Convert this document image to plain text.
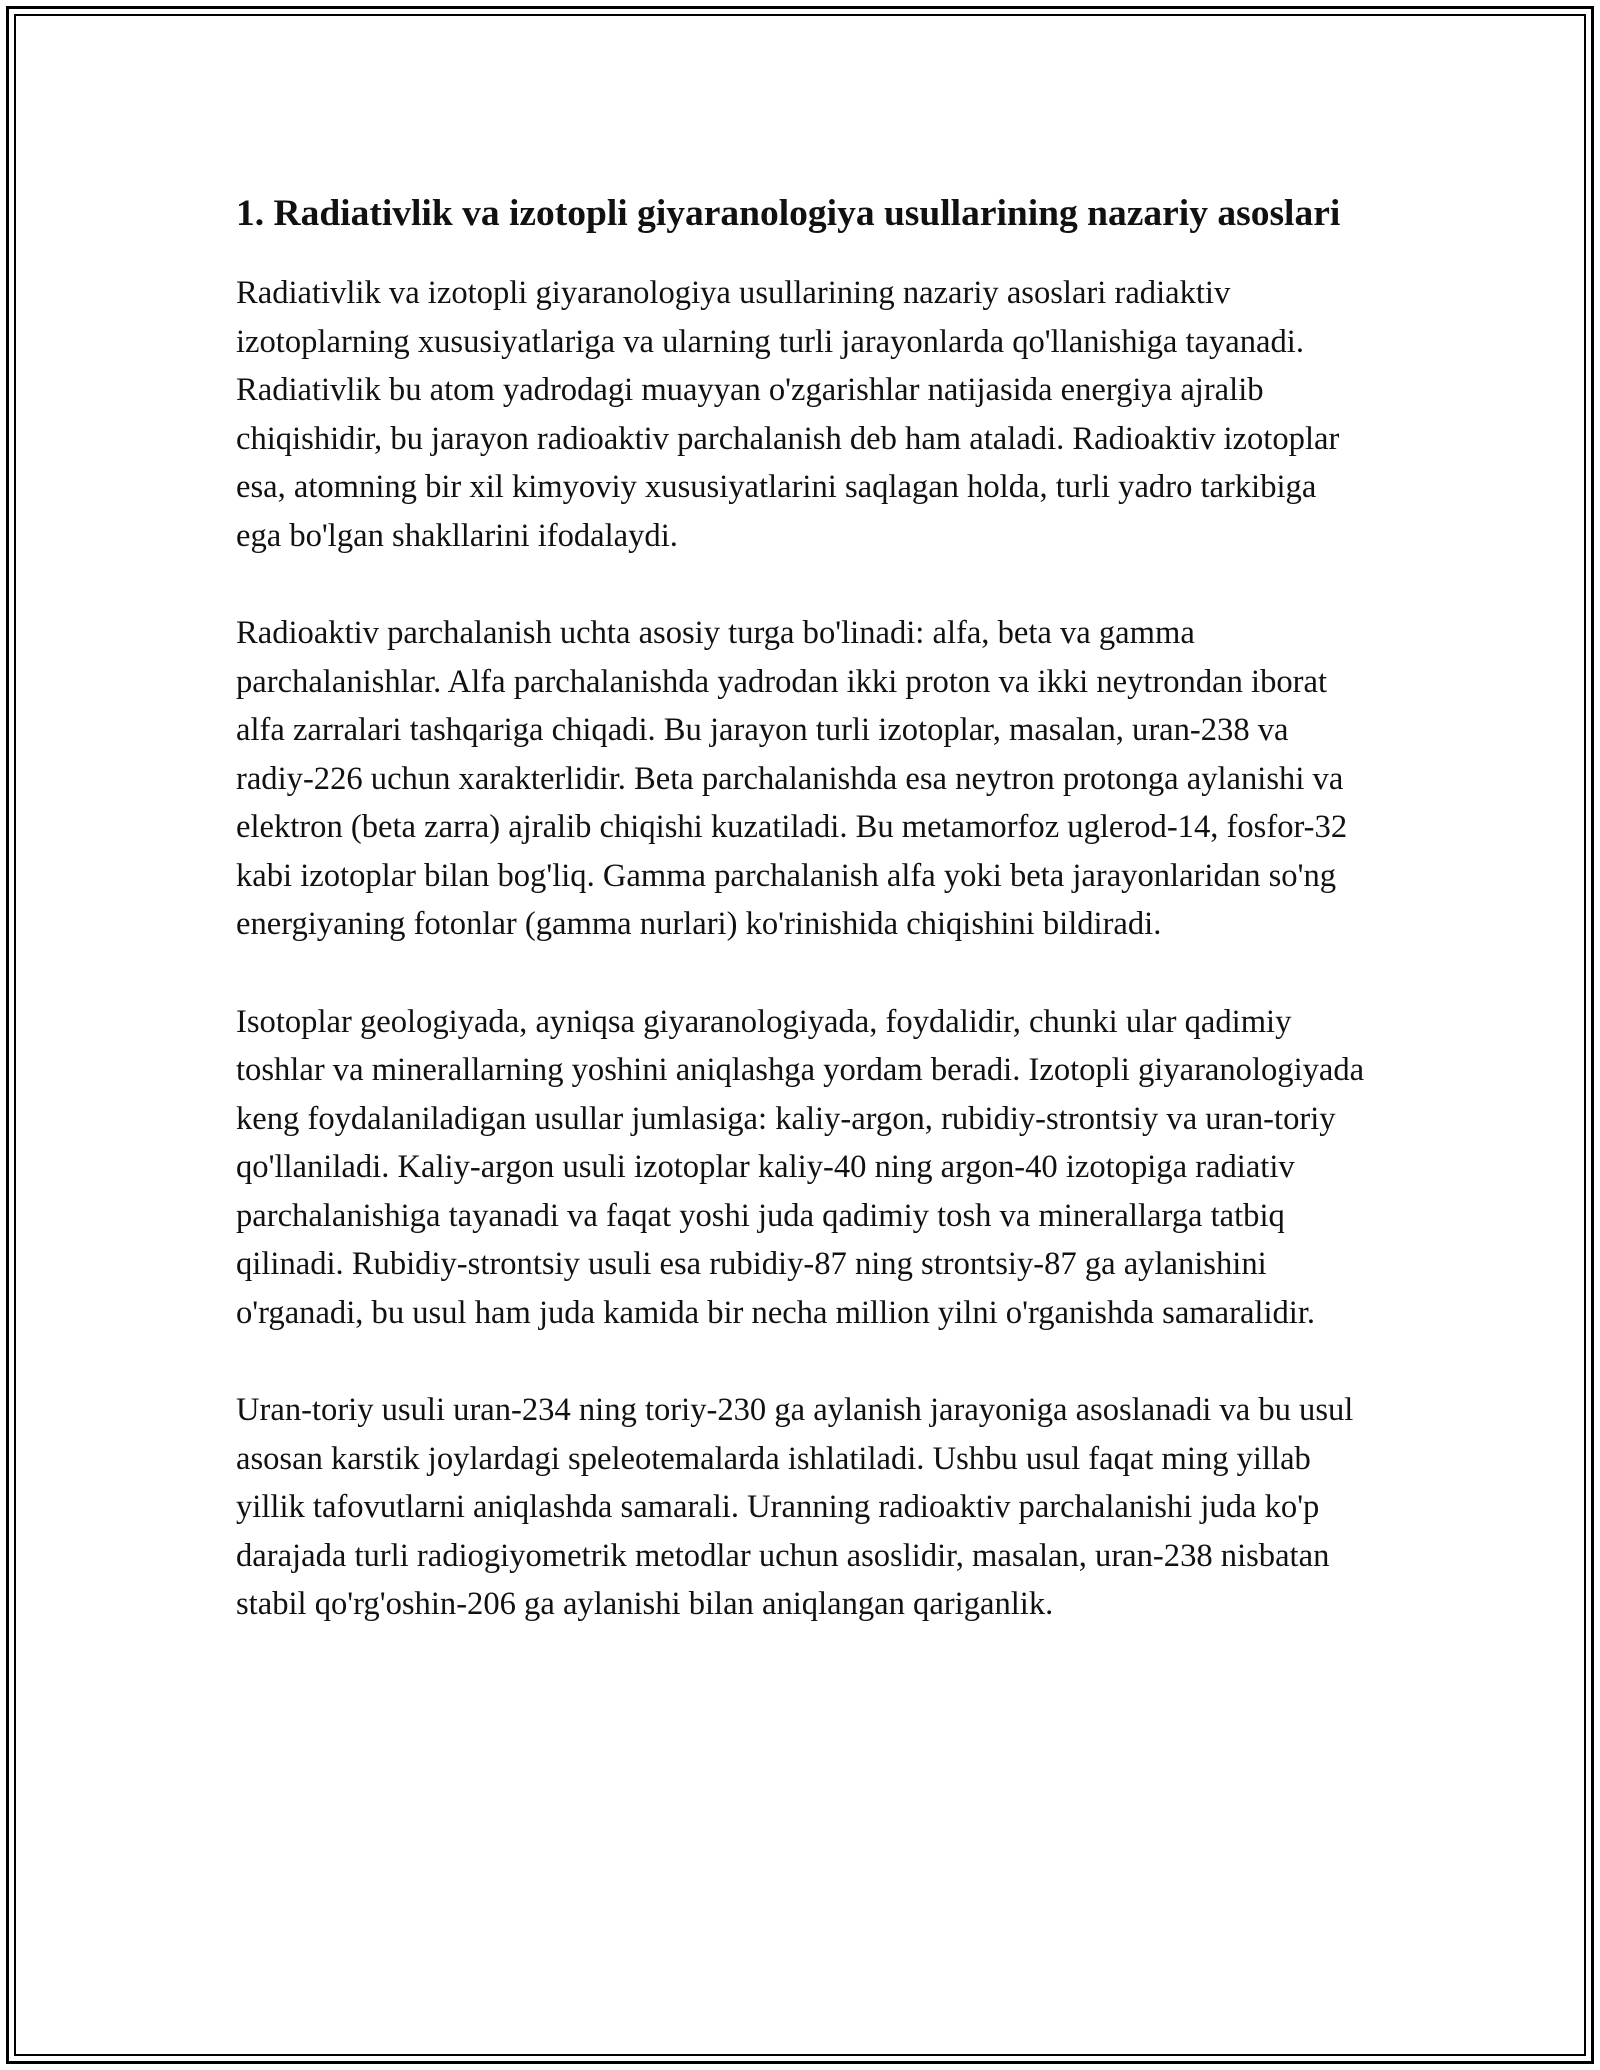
1. Radiativlik va izotopli giyaranologiya usullarining nazariy asoslari

Radiativlik va izotopli giyaranologiya usullarining nazariy asoslari radiaktiv izotoplarning xususiyatlariga va ularning turli jarayonlarda qo'llanishiga tayanadi. Radiativlik bu atom yadrodagi muayyan o'zgarishlar natijasida energiya ajralib chiqishidir, bu jarayon radioaktiv parchalanish deb ham ataladi. Radioaktiv izotoplar esa, atomning bir xil kimyoviy xususiyatlarini saqlagan holda, turli yadro tarkibiga ega bo'lgan shakllarini ifodalaydi.

Radioaktiv parchalanish uchta asosiy turga bo'linadi: alfa, beta va gamma parchalanishlar. Alfa parchalanishda yadrodan ikki proton va ikki neytrondan iborat alfa zarralari tashqariga chiqadi. Bu jarayon turli izotoplar, masalan, uran-238 va radiy-226 uchun xarakterlidir. Beta parchalanishda esa neytron protonga aylanishi va elektron (beta zarra) ajralib chiqishi kuzatiladi. Bu metamorfoz uglerod-14, fosfor-32 kabi izotoplar bilan bog'liq. Gamma parchalanish alfa yoki beta jarayonlaridan so'ng energiyaning fotonlar (gamma nurlari) ko'rinishida chiqishini bildiradi.

Isotoplar geologiyada, ayniqsa giyaranologiyada, foydalidir, chunki ular qadimiy toshlar va minerallarning yoshini aniqlashga yordam beradi. Izotopli giyaranologiyada keng foydalaniladigan usullar jumlasiga: kaliy-argon, rubidiy-strontsiy va uran-toriy qo'llaniladi. Kaliy-argon usuli izotoplar kaliy-40 ning argon-40 izotopiga radiativ parchalanishiga tayanadi va faqat yoshi juda qadimiy tosh va minerallarga tatbiq qilinadi. Rubidiy-strontsiy usuli esa rubidiy-87 ning strontsiy-87 ga aylanishini o'rganadi, bu usul ham juda kamida bir necha million yilni o'rganishda samaralidir.

Uran-toriy usuli uran-234 ning toriy-230 ga aylanish jarayoniga asoslanadi va bu usul asosan karstik joylardagi speleotemalarda ishlatiladi. Ushbu usul faqat ming yillab yillik tafovutlarni aniqlashda samarali. Uranning radioaktiv parchalanishi juda ko'p darajada turli radiogiyometrik metodlar uchun asoslidir, masalan, uran-238 nisbatan stabil qo'rg'oshin-206 ga aylanishi bilan aniqlangan qariganlik.
